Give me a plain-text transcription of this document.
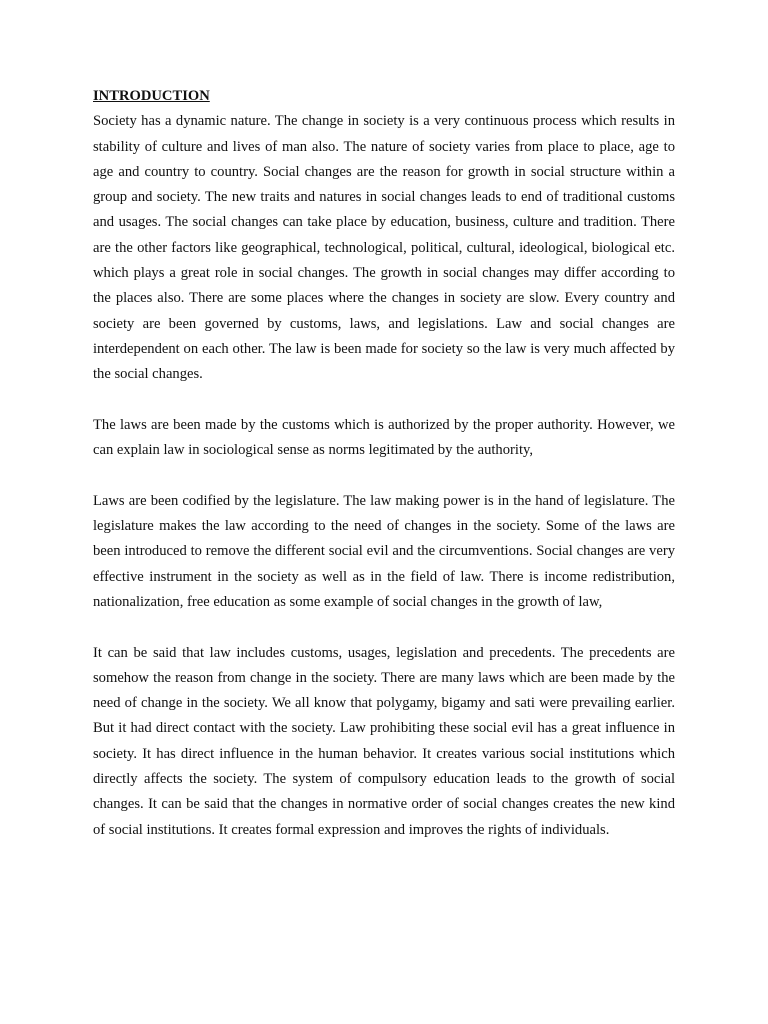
INTRODUCTION

Society has a dynamic nature. The change in society is a very continuous process which results in stability of culture and lives of man also. The nature of society varies from place to place, age to age and country to country. Social changes are the reason for growth in social structure within a group and society. The new traits and natures in social changes leads to end of traditional customs and usages. The social changes can take place by education, business, culture and tradition. There are the other factors like geographical, technological, political, cultural, ideological, biological etc. which plays a great role in social changes. The growth in social changes may differ according to the places also. There are some places where the changes in society are slow. Every country and society are been governed by customs, laws, and legislations. Law and social changes are interdependent on each other. The law is been made for society so the law is very much affected by the social changes.

The laws are been made by the customs which is authorized by the proper authority. However, we can explain law in sociological sense as norms legitimated by the authority,

Laws are been codified by the legislature. The law making power is in the hand of legislature. The legislature makes the law according to the need of changes in the society. Some of the laws are been introduced to remove the different social evil and the circumventions. Social changes are very effective instrument in the society as well as in the field of law. There is income redistribution, nationalization, free education as some example of social changes in the growth of law,

It can be said that law includes customs, usages, legislation and precedents. The precedents are somehow the reason from change in the society. There are many laws which are been made by the need of change in the society. We all know that polygamy, bigamy and sati were prevailing earlier. But it had direct contact with the society. Law prohibiting these social evil has a great influence in society. It has direct influence in the human behavior. It creates various social institutions which directly affects the society. The system of compulsory education leads to the growth of social changes. It can be said that the changes in normative order of social changes creates the new kind of social institutions. It creates formal expression and improves the rights of individuals.
